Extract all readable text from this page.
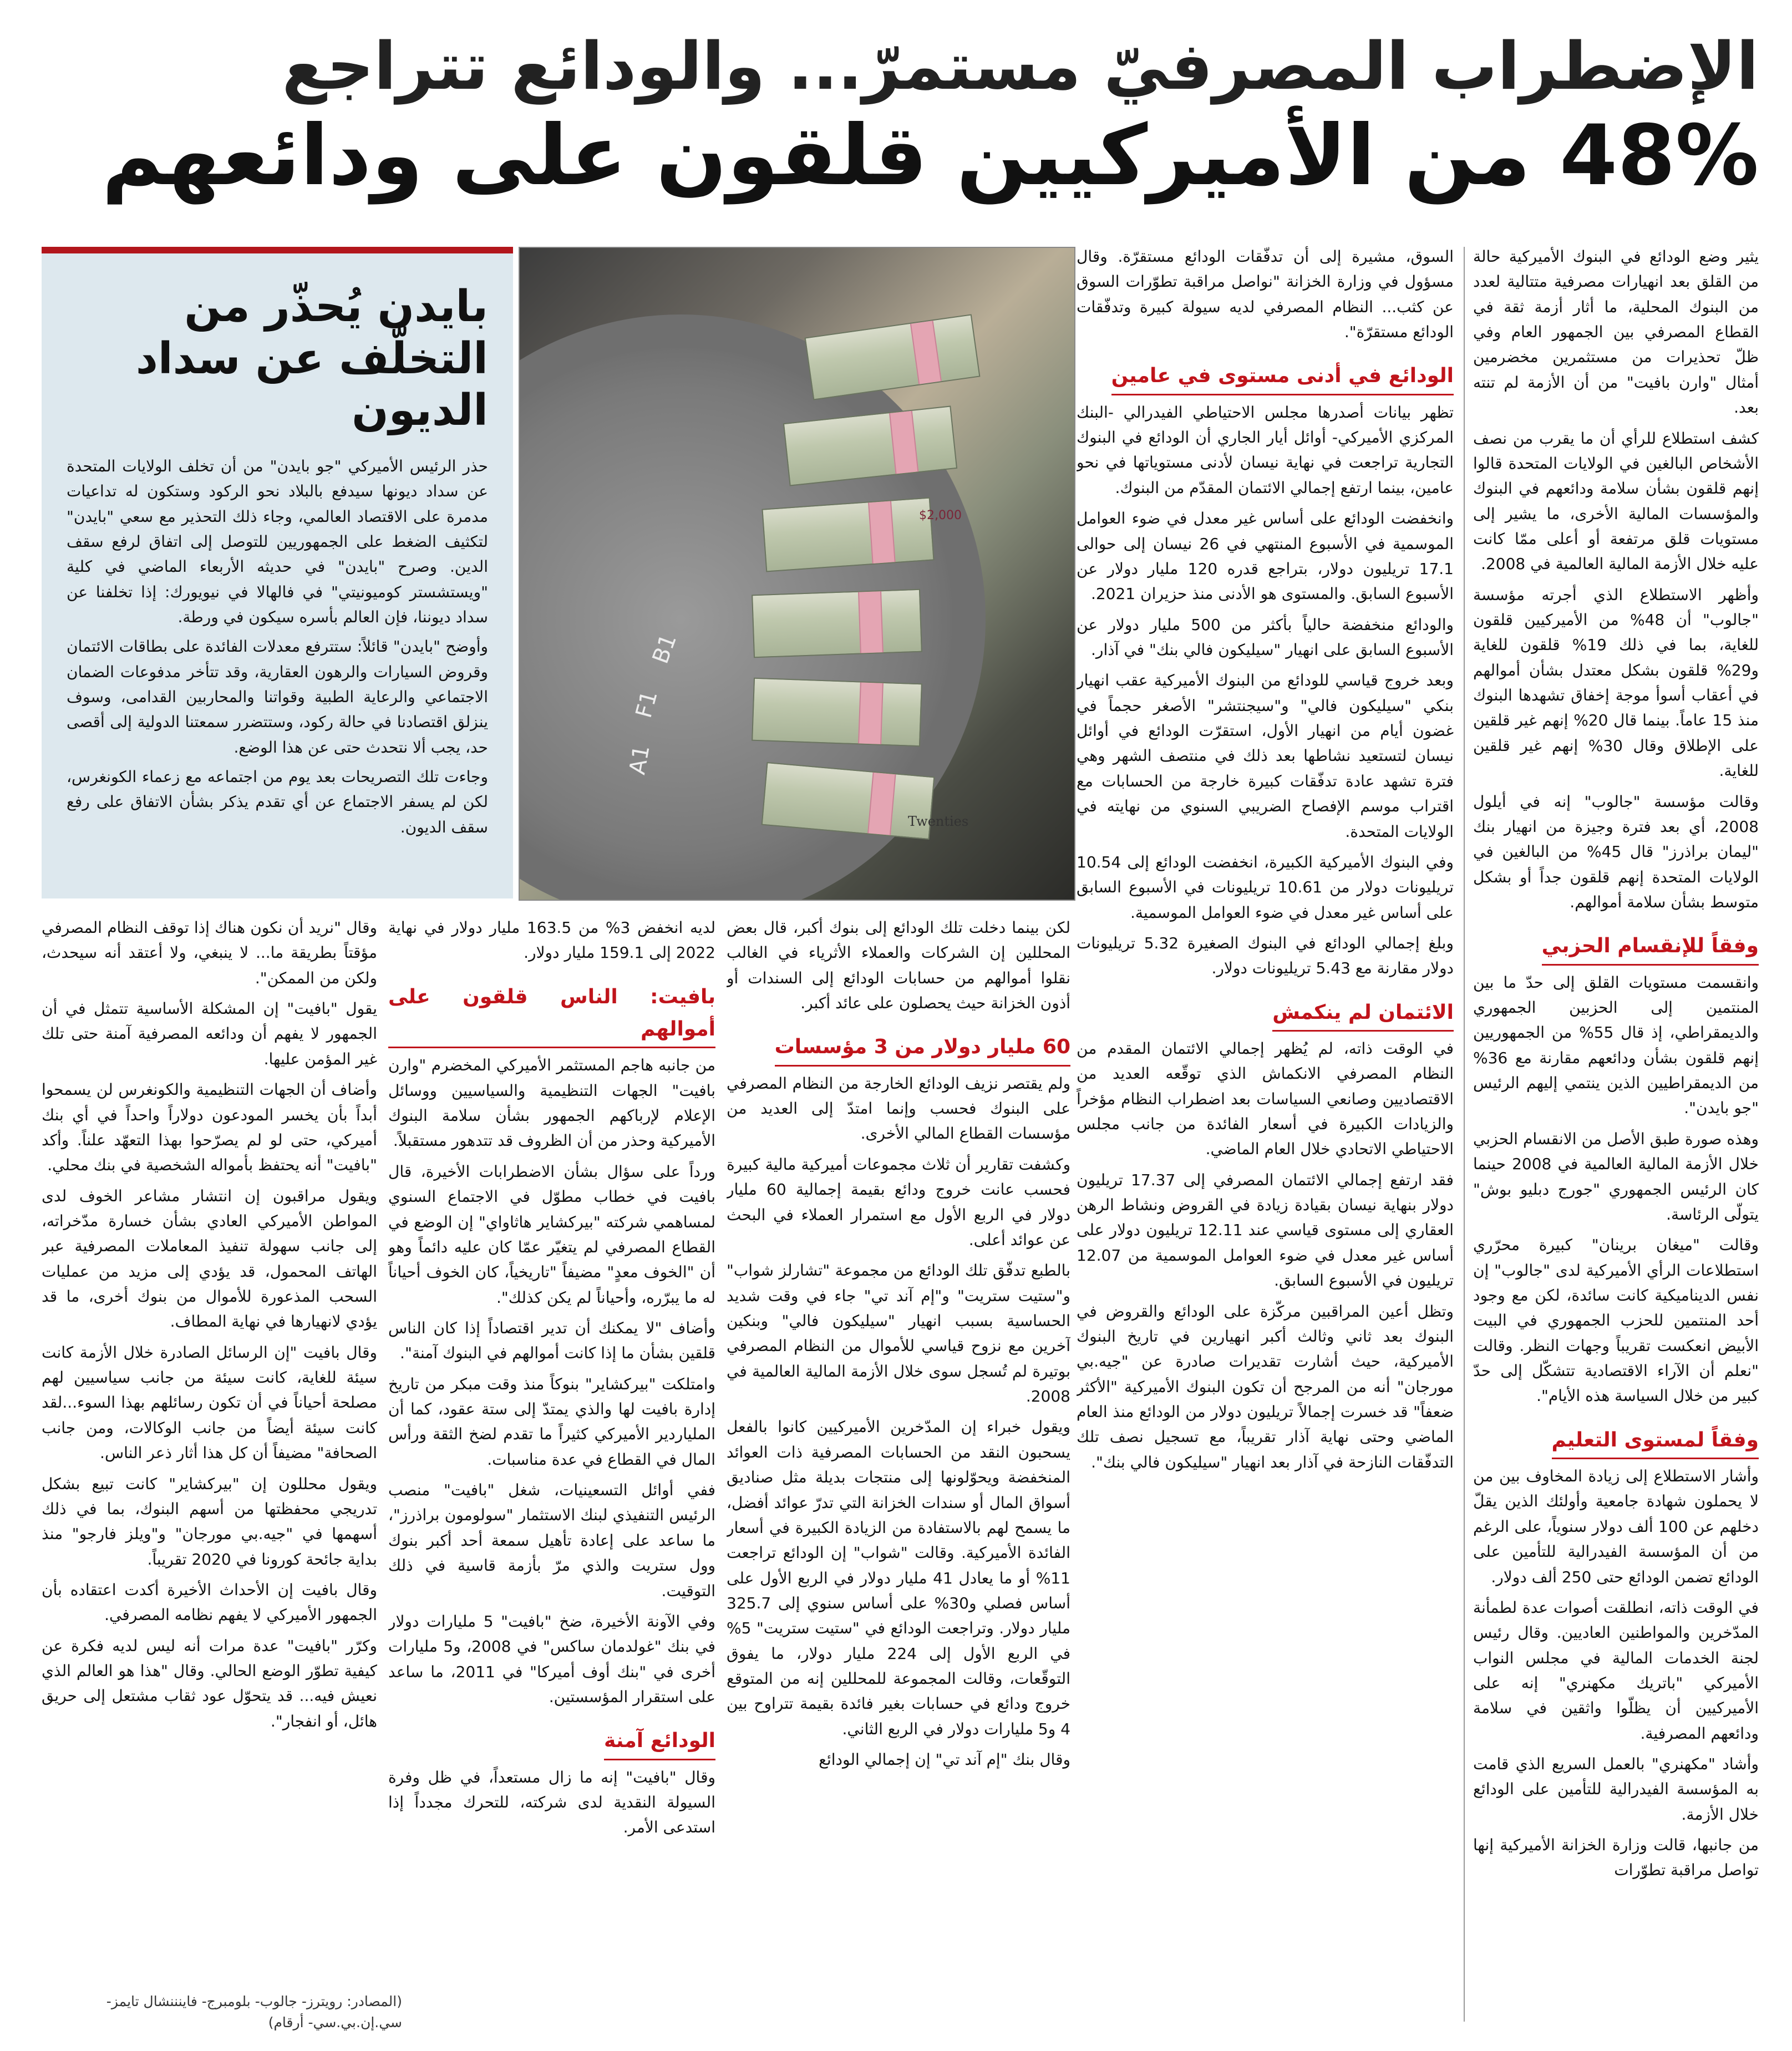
الإضطراب المصرفيّ مستمرّ... والودائع تتراجع
48% من الأميركيين قلقون على ودائعهم

يثير وضع الودائع في البنوك الأميركية حالة من القلق بعد انهيارات مصرفية متتالية لعدد من البنوك المحلية، ما أثار أزمة ثقة في القطاع المصرفي بين الجمهور العام وفي ظلّ تحذيرات من مستثمرين مخضرمين أمثال "وارن بافيت" من أن الأزمة لم تنته بعد.

كشف استطلاع للرأي أن ما يقرب من نصف الأشخاص البالغين في الولايات المتحدة قالوا إنهم قلقون بشأن سلامة ودائعهم في البنوك والمؤسسات المالية الأخرى، ما يشير إلى مستويات قلق مرتفعة أو أعلى ممّا كانت عليه خلال الأزمة المالية العالمية في 2008.

وأظهر الاستطلاع الذي أجرته مؤسسة "جالوب" أن 48% من الأميركيين قلقون للغاية، بما في ذلك 19% قلقون للغاية و29% قلقون بشكل معتدل بشأن أموالهم في أعقاب أسوأ موجة إخفاق تشهدها البنوك منذ 15 عاماً. بينما قال 20% إنهم غير قلقين على الإطلاق وقال 30% إنهم غير قلقين للغاية.

وقالت مؤسسة "جالوب" إنه في أيلول 2008، أي بعد فترة وجيزة من انهيار بنك "ليمان براذرز" قال 45% من البالغين في الولايات المتحدة إنهم قلقون جداً أو بشكل متوسط بشأن سلامة أموالهم.

وفقاً للإنقسام الحزبي

وانقسمت مستويات القلق إلى حدّ ما بين المنتمين إلى الحزبين الجمهوري والديمقراطي، إذ قال 55% من الجمهوريين إنهم قلقون بشأن ودائعهم مقارنة مع 36% من الديمقراطيين الذين ينتمي إليهم الرئيس "جو بايدن".

وهذه صورة طبق الأصل من الانقسام الحزبي خلال الأزمة المالية العالمية في 2008 حينما كان الرئيس الجمهوري "جورج دبليو بوش" يتولّى الرئاسة.

وقالت "ميغان برينان" كبيرة محرّري استطلاعات الرأي الأميركية لدى "جالوب" إن نفس الديناميكية كانت سائدة، لكن مع وجود أحد المنتمين للحزب الجمهوري في البيت الأبيض انعكست تقريباً وجهات النظر. وقالت "نعلم أن الآراء الاقتصادية تتشكّل إلى حدّ كبير من خلال السياسة هذه الأيام".

وفقاً لمستوى التعليم

وأشار الاستطلاع إلى زيادة المخاوف بين من لا يحملون شهادة جامعية وأولئك الذين يقلّ دخلهم عن 100 ألف دولار سنوياً، على الرغم من أن المؤسسة الفيدرالية للتأمين على الودائع تضمن الودائع حتى 250 ألف دولار.

في الوقت ذاته، انطلقت أصوات عدة لطمأنة المدّخرين والمواطنين العاديين. وقال رئيس لجنة الخدمات المالية في مجلس النواب الأميركي "باتريك مكهنري" إنه على الأميركيين أن يظلّوا واثقين في سلامة ودائعهم المصرفية.

وأشاد "مكهنري" بالعمل السريع الذي قامت به المؤسسة الفيدرالية للتأمين على الودائع خلال الأزمة.

من جانبها، قالت وزارة الخزانة الأميركية إنها تواصل مراقبة تطوّرات

السوق، مشيرة إلى أن تدفّقات الودائع مستقرّة. وقال مسؤول في وزارة الخزانة "نواصل مراقبة تطوّرات السوق عن كثب... النظام المصرفي لديه سيولة كبيرة وتدفّقات الودائع مستقرّة".

الودائع في أدنى مستوى في عامين

تظهر بيانات أصدرها مجلس الاحتياطي الفيدرالي -البنك المركزي الأميركي- أوائل أيار الجاري أن الودائع في البنوك التجارية تراجعت في نهاية نيسان لأدنى مستوياتها في نحو عامين، بينما ارتفع إجمالي الائتمان المقدّم من البنوك.

وانخفضت الودائع على أساس غير معدل في ضوء العوامل الموسمية في الأسبوع المنتهي في 26 نيسان إلى حوالى 17.1 تريليون دولار، بتراجع قدره 120 مليار دولار عن الأسبوع السابق. والمستوى هو الأدنى منذ حزيران 2021.

والودائع منخفضة حالياً بأكثر من 500 مليار دولار عن الأسبوع السابق على انهيار "سيليكون فالي بنك" في آذار.

وبعد خروج قياسي للودائع من البنوك الأميركية عقب انهيار بنكي "سيليكون فالي" و"سيجنتشر" الأصغر حجماً في غضون أيام من انهيار الأول، استقرّت الودائع في أوائل نيسان لتستعيد نشاطها بعد ذلك في منتصف الشهر وهي فترة تشهد عادة تدفّقات كبيرة خارجة من الحسابات مع اقتراب موسم الإفصاح الضريبي السنوي من نهايته في الولايات المتحدة.

وفي البنوك الأميركية الكبيرة، انخفضت الودائع إلى 10.54 تريليونات دولار من 10.61 تريليونات في الأسبوع السابق على أساس غير معدل في ضوء العوامل الموسمية.

وبلغ إجمالي الودائع في البنوك الصغيرة 5.32 تريليونات دولار مقارنة مع 5.43 تريليونات دولار.

الائتمان لم ينكمش

في الوقت ذاته، لم يُظهر إجمالي الائتمان المقدم من النظام المصرفي الانكماش الذي توقّعه العديد من الاقتصاديين وصانعي السياسات بعد اضطراب النظام مؤخراً والزيادات الكبيرة في أسعار الفائدة من جانب مجلس الاحتياطي الاتحادي خلال العام الماضي.

فقد ارتفع إجمالي الائتمان المصرفي إلى 17.37 تريليون دولار بنهاية نيسان بقيادة زيادة في القروض ونشاط الرهن العقاري إلى مستوى قياسي عند 12.11 تريليون دولار على أساس غير معدل في ضوء العوامل الموسمية من 12.07 تريليون في الأسبوع السابق.

وتظل أعين المراقبين مركّزة على الودائع والقروض في البنوك بعد ثاني وثالث أكبر انهيارين في تاريخ البنوك الأميركية، حيث أشارت تقديرات صادرة عن "جيه.بي مورجان" أنه من المرجح أن تكون البنوك الأميركية "الأكثر ضعفاً" قد خسرت إجمالاً تريليون دولار من الودائع منذ العام الماضي وحتى نهاية آذار تقريباً، مع تسجيل نصف تلك التدفّقات النازحة في آذار بعد انهيار "سيليكون فالي بنك".

$2,000
Twenties
B1
F1
A1
بايدن يُحذّر من التخلّف عن سداد الديون

حذر الرئيس الأميركي "جو بايدن" من أن تخلف الولايات المتحدة عن سداد ديونها سيدفع بالبلاد نحو الركود وستكون له تداعيات مدمرة على الاقتصاد العالمي، وجاء ذلك التحذير مع سعي "بايدن" لتكثيف الضغط على الجمهوريين للتوصل إلى اتفاق لرفع سقف الدين. وصرح "بايدن" في حديثه الأربعاء الماضي في كلية "ويستشستر كوميونيتي" في فالهالا في نيويورك: إذا تخلفنا عن سداد ديوننا، فإن العالم بأسره سيكون في ورطة.

وأوضح "بايدن" قائلاً: ستترفع معدلات الفائدة على بطاقات الائتمان وقروض السيارات والرهون العقارية، وقد تتأخر مدفوعات الضمان الاجتماعي والرعاية الطبية وقواتنا والمحاربين القدامى، وسوف ينزلق اقتصادنا في حالة ركود، وستتضرر سمعتنا الدولية إلى أقصى حد، يجب ألا نتحدث حتى عن هذا الوضع.

وجاءت تلك التصريحات بعد يوم من اجتماعه مع زعماء الكونغرس، لكن لم يسفر الاجتماع عن أي تقدم يذكر بشأن الاتفاق على رفع سقف الديون.

لكن بينما دخلت تلك الودائع إلى بنوك أكبر، قال بعض المحللين إن الشركات والعملاء الأثرياء في الغالب نقلوا أموالهم من حسابات الودائع إلى السندات أو أذون الخزانة حيث يحصلون على عائد أكبر.

60 مليار دولار من 3 مؤسسات

ولم يقتصر نزيف الودائع الخارجة من النظام المصرفي على البنوك فحسب وإنما امتدّ إلى العديد من مؤسسات القطاع المالي الأخرى.

وكشفت تقارير أن ثلاث مجموعات أميركية مالية كبيرة فحسب عانت خروج ودائع بقيمة إجمالية 60 مليار دولار في الربع الأول مع استمرار العملاء في البحث عن عوائد أعلى.

بالطبع تدفّق تلك الودائع من مجموعة "تشارلز شواب" و"ستيت ستريت" و"إم آند تي" جاء في وقت شديد الحساسية بسبب انهيار "سيليكون فالي" وبنكين آخرين مع نزوح قياسي للأموال من النظام المصرفي بوتيرة لم تُسجل سوى خلال الأزمة المالية العالمية في 2008.

ويقول خبراء إن المدّخرين الأميركيين كانوا بالفعل يسحبون النقد من الحسابات المصرفية ذات العوائد المنخفضة ويحوّلونها إلى منتجات بديلة مثل صناديق أسواق المال أو سندات الخزانة التي تدرّ عوائد أفضل، ما يسمح لهم بالاستفادة من الزيادة الكبيرة في أسعار الفائدة الأميركية. وقالت "شواب" إن الودائع تراجعت 11% أو ما يعادل 41 مليار دولار في الربع الأول على أساس فصلي و30% على أساس سنوي إلى 325.7 مليار دولار. وتراجعت الودائع في "ستيت ستريت" 5% في الربع الأول إلى 224 مليار دولار، ما يفوق التوقّعات، وقالت المجموعة للمحللين إنه من المتوقع خروج ودائع في حسابات بغير فائدة بقيمة تتراوح بين 4 و5 مليارات دولار في الربع الثاني.

وقال بنك "إم آند تي" إن إجمالي الودائع

لديه انخفض 3% من 163.5 مليار دولار في نهاية 2022 إلى 159.1 مليار دولار.

بافيت: الناس قلقون على أموالهم

من جانبه هاجم المستثمر الأميركي المخضرم "وارن بافيت" الجهات التنظيمية والسياسيين ووسائل الإعلام لإرباكهم الجمهور بشأن سلامة البنوك الأميركية وحذر من أن الظروف قد تتدهور مستقبلاً.

ورداً على سؤال بشأن الاضطرابات الأخيرة، قال بافيت في خطاب مطوّل في الاجتماع السنوي لمساهمي شركته "بيركشاير هاثاواي" إن الوضع في القطاع المصرفي لم يتغيّر عمّا كان عليه دائماً وهو أن "الخوف معدٍ" مضيفاً "تاريخياً، كان الخوف أحياناً له ما يبرّره، وأحياناً لم يكن كذلك".

وأضاف "لا يمكنك أن تدير اقتصاداً إذا كان الناس قلقين بشأن ما إذا كانت أموالهم في البنوك آمنة".

وامتلكت "بيركشاير" بنوكاً منذ وقت مبكر من تاريخ إدارة بافيت لها والذي يمتدّ إلى ستة عقود، كما أن الملياردير الأميركي كثيراً ما تقدم لضخ الثقة ورأس المال في القطاع في عدة مناسبات.

ففي أوائل التسعينيات، شغل "بافيت" منصب الرئيس التنفيذي لبنك الاستثمار "سولومون براذرز"، ما ساعد على إعادة تأهيل سمعة أحد أكبر بنوك وول ستريت والذي مرّ بأزمة قاسية في ذلك التوقيت.

وفي الآونة الأخيرة، ضخ "بافيت" 5 مليارات دولار في بنك "غولدمان ساكس" في 2008، و5 مليارات أخرى في "بنك أوف أميركا" في 2011، ما ساعد على استقرار المؤسستين.

الودائع آمنة

وقال "بافيت" إنه ما زال مستعداً، في ظل وفرة السيولة النقدية لدى شركته، للتحرك مجدداً إذا استدعى الأمر.

وقال "نريد أن نكون هناك إذا توقف النظام المصرفي مؤقتاً بطريقة ما... لا ينبغي، ولا أعتقد أنه سيحدث، ولكن من الممكن".

يقول "بافيت" إن المشكلة الأساسية تتمثل في أن الجمهور لا يفهم أن ودائعه المصرفية آمنة حتى تلك غير المؤمن عليها.

وأضاف أن الجهات التنظيمية والكونغرس لن يسمحوا أبداً بأن يخسر المودعون دولاراً واحداً في أي بنك أميركي، حتى لو لم يصرّحوا بهذا التعهّد علناً. وأكد "بافيت" أنه يحتفظ بأمواله الشخصية في بنك محلي.

ويقول مراقبون إن انتشار مشاعر الخوف لدى المواطن الأميركي العادي بشأن خسارة مدّخراته، إلى جانب سهولة تنفيذ المعاملات المصرفية عبر الهاتف المحمول، قد يؤدي إلى مزيد من عمليات السحب المذعورة للأموال من بنوك أخرى، ما قد يؤدي لانهيارها في نهاية المطاف.

وقال بافيت "إن الرسائل الصادرة خلال الأزمة كانت سيئة للغاية، كانت سيئة من جانب سياسيين لهم مصلحة أحياناً في أن تكون رسائلهم بهذا السوء...لقد كانت سيئة أيضاً من جانب الوكالات، ومن جانب الصحافة" مضيفاً أن كل هذا أثار ذعر الناس.

ويقول محللون إن "بيركشاير" كانت تبيع بشكل تدريجي محفظتها من أسهم البنوك، بما في ذلك أسهمها في "جيه.بي مورجان" و"ويلز فارجو" منذ بداية جائحة كورونا في 2020 تقريباً.

وقال بافيت إن الأحداث الأخيرة أكدت اعتقاده بأن الجمهور الأميركي لا يفهم نظامه المصرفي.

وكرّر "بافيت" عدة مرات أنه ليس لديه فكرة عن كيفية تطوّر الوضع الحالي. وقال "هذا هو العالم الذي نعيش فيه... قد يتحوّل عود ثقاب مشتعل إلى حريق هائل، أو انفجار".

(المصادر: رويترز- جالوب- بلومبرج- فاينننشال تايمز- سي.إن.بي.سي- أرقام)
